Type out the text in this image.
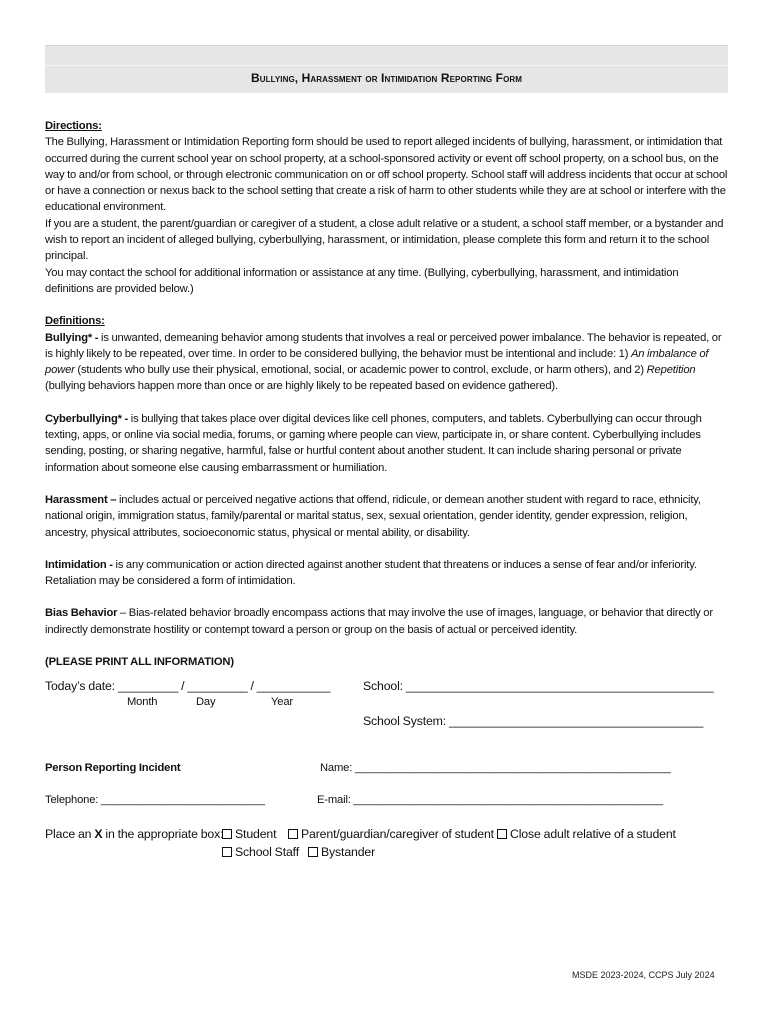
Bullying, Harassment or Intimidation Reporting Form

Directions:

The Bullying, Harassment or Intimidation Reporting form should be used to report alleged incidents of bullying, harassment, or intimidation that occurred during the current school year on school property, at a school-sponsored activity or event off school property, on a school bus, on the way to and/or from school, or through electronic communication on or off school property. School staff will address incidents that occur at school or have a connection or nexus back to the school setting that create a risk of harm to other students while they are at school or interfere with the educational environment.

If you are a student, the parent/guardian or caregiver of a student, a close adult relative or a student, a school staff member, or a bystander and wish to report an incident of alleged bullying, cyberbullying, harassment, or intimidation, please complete this form and return it to the school principal.

You may contact the school for additional information or assistance at any time. (Bullying, cyberbullying, harassment, and intimidation definitions are provided below.)

Definitions:

Bullying* - is unwanted, demeaning behavior among students that involves a real or perceived power imbalance. The behavior is repeated, or is highly likely to be repeated, over time. In order to be considered bullying, the behavior must be intentional and include: 1) An imbalance of power (students who bully use their physical, emotional, social, or academic power to control, exclude, or harm others), and 2) Repetition (bullying behaviors happen more than once or are highly likely to be repeated based on evidence gathered).

Cyberbullying* - is bullying that takes place over digital devices like cell phones, computers, and tablets. Cyberbullying can occur through texting, apps, or online via social media, forums, or gaming where people can view, participate in, or share content. Cyberbullying includes sending, posting, or sharing negative, harmful, false or hurtful content about another student. It can include sharing personal or private information about someone else causing embarrassment or humiliation.

Harassment – includes actual or perceived negative actions that offend, ridicule, or demean another student with regard to race, ethnicity, national origin, immigration status, family/parental or marital status, sex, sexual orientation, gender identity, gender expression, religion, ancestry, physical attributes, socioeconomic status, physical or mental ability, or disability.

Intimidation - is any communication or action directed against another student that threatens or induces a sense of fear and/or inferiority. Retaliation may be considered a form of intimidation.

Bias Behavior – Bias-related behavior broadly encompass actions that may involve the use of images, language, or behavior that directly or indirectly demonstrate hostility or contempt toward a person or group on the basis of actual or perceived identity.

(PLEASE PRINT ALL INFORMATION)

Today’s date: _________ / _________ / ___________	School: ______________________________________________
Month	Day	Year
School System: ______________________________________
Person Reporting Incident	Name: ____________________________________________________
Telephone: ___________________________	E-mail: ___________________________________________________
Place an X in the appropriate box: Student	Parent/guardian/caregiver of student	Close adult relative of a student
School Staff	Bystander
MSDE 2023-2024, CCPS July 2024
